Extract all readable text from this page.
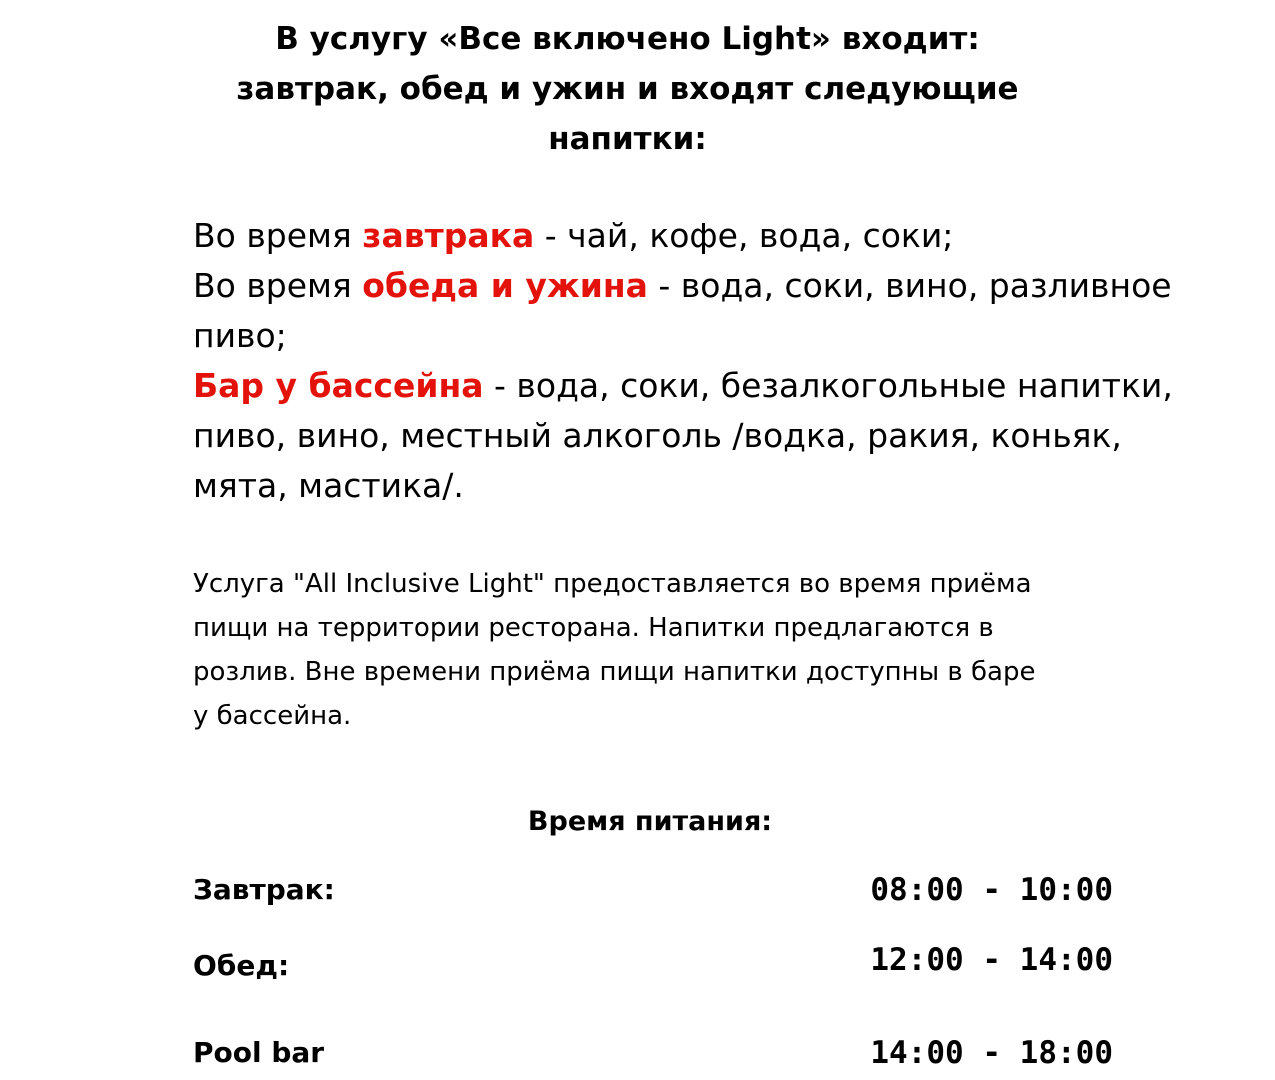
В услугу «Все включено Light» входит:
завтрак, обед и ужин и входят следующие
напитки:
Во время завтрака - чай, кофе, вода, соки;
Во время обеда и ужина - вода, соки, вино, разливное
пиво;
Бар у бассейна - вода, соки, безалкогольные напитки,
пиво, вино, местный алкоголь /водка, ракия, коньяк,
мята, мастика/.
Услуга "All Inclusive Light" предоставляется во время приёма
пищи на территории ресторана. Напитки предлагаются в
розлив. Вне времени приёма пищи напитки доступны в баре
у бассейна.
Время питания:
Завтрак:	08:00 - 10:00
Обед:	12:00 - 14:00
Pool bar	14:00 - 18:00
